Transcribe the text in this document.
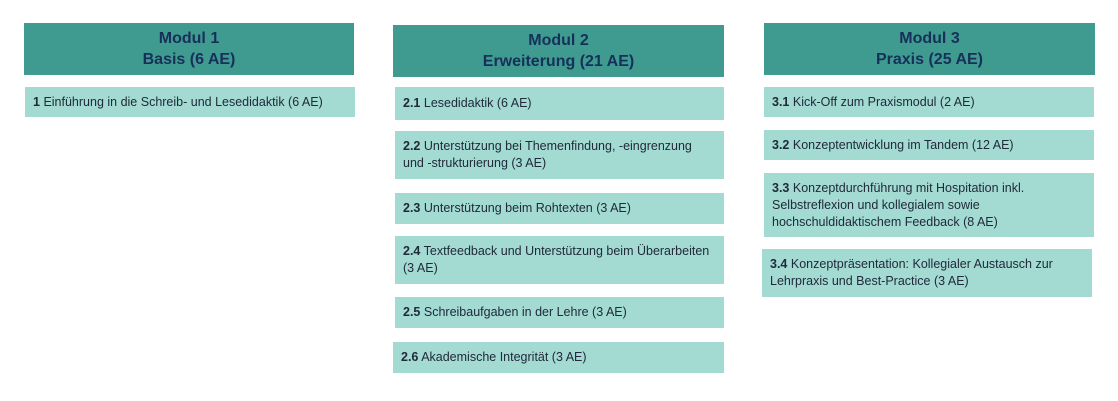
Modul 1
Basis (6 AE)
1 Einführung in die Schreib- und Lesedidaktik (6 AE)
Modul 2
Erweiterung (21 AE)
2.1 Lesedidaktik (6 AE)
2.2 Unterstützung bei Themenfindung, -eingrenzung und -strukturierung (3 AE)
2.3 Unterstützung beim Rohtexten (3 AE)
2.4 Textfeedback und Unterstützung beim Überarbeiten (3 AE)
2.5 Schreibaufgaben in der Lehre (3 AE)
2.6 Akademische Integrität (3 AE)
Modul 3
Praxis (25 AE)
3.1 Kick-Off zum Praxismodul (2 AE)
3.2 Konzeptentwicklung im Tandem (12 AE)
3.3 Konzeptdurchführung mit Hospitation inkl. Selbstreflexion und kollegialem sowie hochschuldidaktischem Feedback (8 AE)
3.4 Konzeptpräsentation: Kollegialer Austausch zur Lehrpraxis und Best-Practice (3 AE)
